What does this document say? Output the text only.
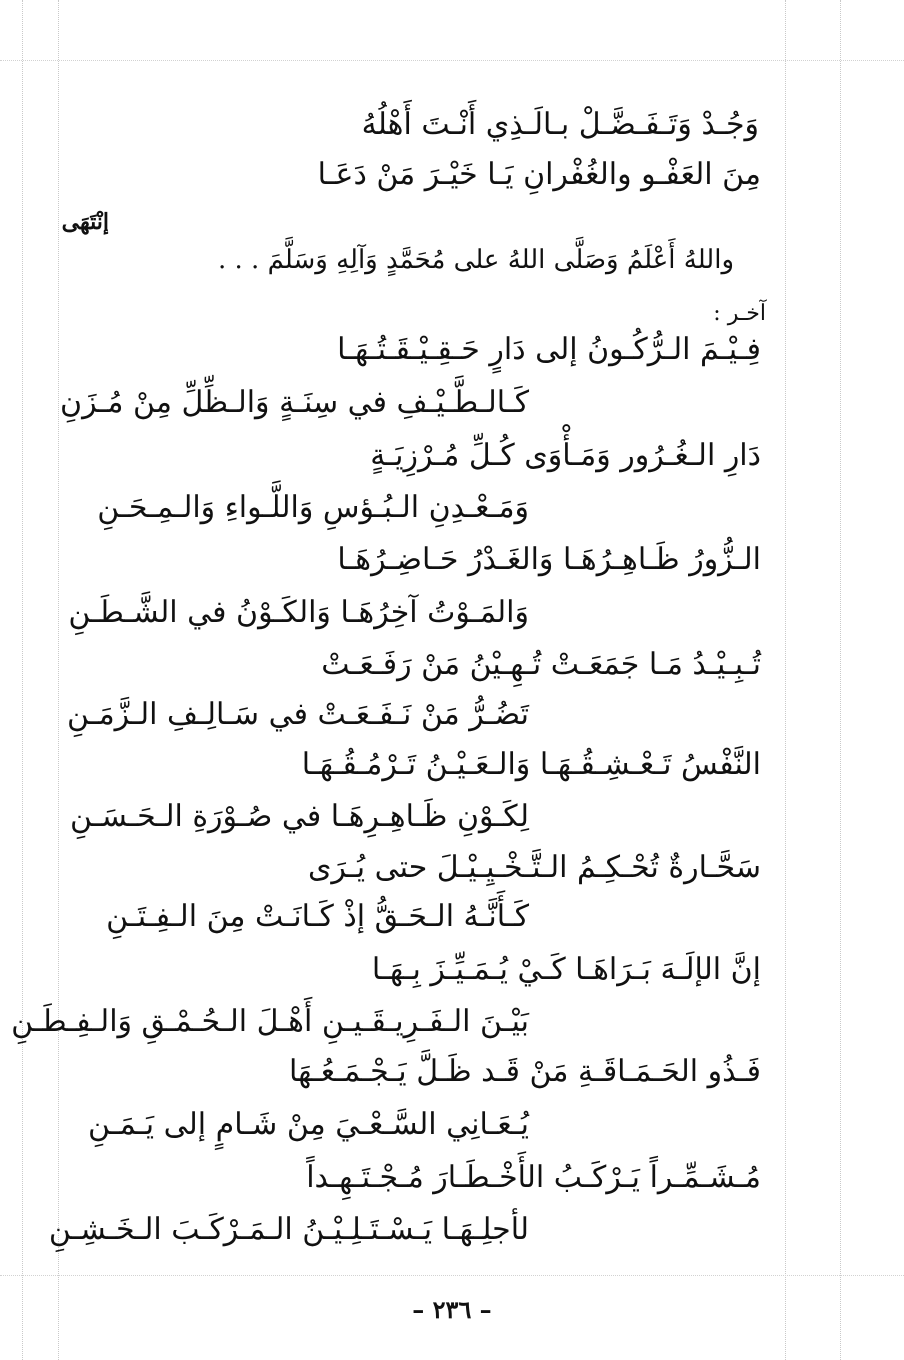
وَجُـدْ وَتَـفَـضَّـلْ بـالَـذِي أَنْـتَ أَهْلُهُ
مِنَ العَفْـو والغُفْرانِ يَـا خَيْـرَ مَنْ دَعَـا
إنْتَهَى
واللهُ أَعْلَمُ وَصَلَّى اللهُ على مُحَمَّدٍ وَآلِهِ وَسَلَّمَ . . .
آخـر :
فِـيْـمَ الـرُّكُـونُ إلى دَارٍ حَـقِـيْـقَـتُـهَـا
كَـالـطَّـيْـفِ في سِنَـةٍ وَالـظِّلِّ مِنْ مُـزَنِ
دَارِ الـغُـرُور وَمَـأْوَى كُـلِّ مُـرْزِيَـةٍ
وَمَـعْـدِنِ الـبُـؤسِ وَاللَّـواءِ وَالـمِـحَـنِ
الـزُّورُ ظَـاهِـرُهَـا وَالغَـدْرُ حَـاضِـرُهَـا
وَالمَـوْتُ آخِرُهَـا وَالكَـوْنُ في الشَّـطَـنِ
تُـبِـيْـدُ مَـا جَمَعَـتْ تُـهِـيْنُ مَنْ رَفَـعَـتْ
تَضُـرُّ مَنْ نَـفَـعَـتْ في سَـالِـفِ الـزَّمَـنِ
النَّفْسُ تَـعْـشِـقُـهَـا وَالـعَـيْـنُ تَـرْمُـقُـهَـا
لِكَـوْنِ ظَـاهِـرِهَـا في صُـوْرَةِ الـحَـسَـنِ
سَحَّـارةٌ تُحْـكِـمُ الـتَّـخْـيِـيْـلَ حتى يُـرَى
كَـأَنَّـهُ الـحَـقُّ إذْ كَـانَـتْ مِنَ الـفِـتَـنِ
إنَّ الإلَـهَ بَـرَاهَـا كَـيْ يُـمَـيِّـزَ بِـهَـا
بَيْـنَ الـفَـرِيـقَـيـنِ أَهْـلَ الـحُـمْـقِ وَالـفِـطَـنِ
فَـذُو الحَـمَـاقَـةِ مَنْ قَـد ظَـلَّ يَـجْـمَـعُـهَا
يُـعَـانِي السَّـعْـيَ مِنْ شَـامٍ إلى يَـمَـنِ
مُـشَـمِّـراً يَـرْكَـبُ الأَخْـطَـارَ مُـجْـتَـهِـداً
لأجلِـهَـا يَـسْـتَـلِـيْـنُ الـمَـرْكَـبَ الـخَـشِـنِ
– ٢٣٦ –
